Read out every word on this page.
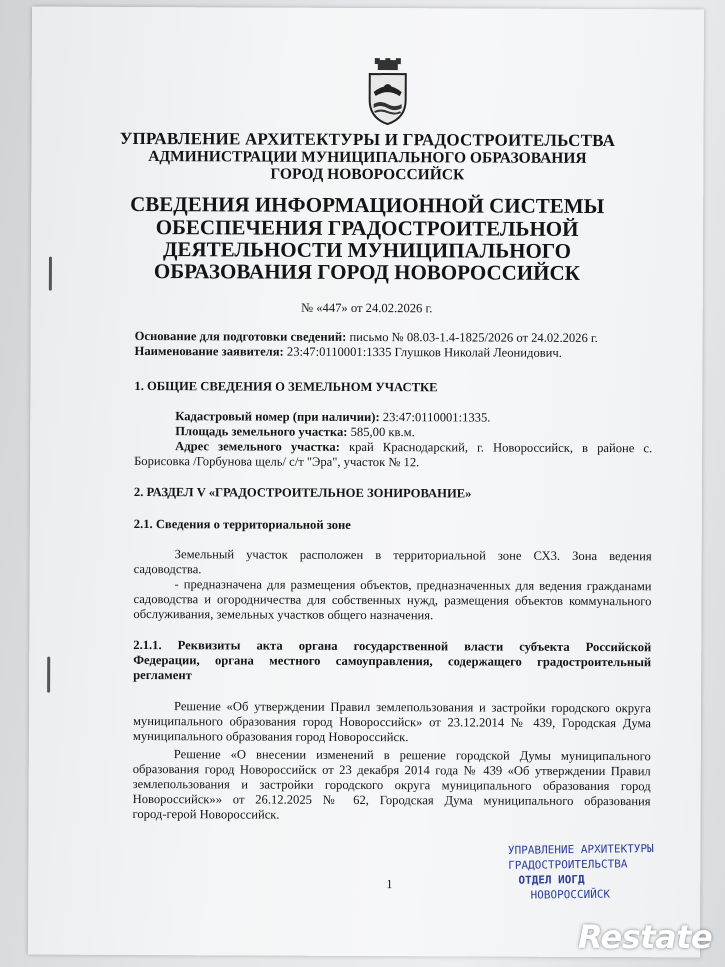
УПРАВЛЕНИЕ АРХИТЕКТУРЫ И ГРАДОСТРОИТЕЛЬСТВА
АДМИНИСТРАЦИИ МУНИЦИПАЛЬНОГО ОБРАЗОВАНИЯ
ГОРОД НОВОРОССИЙСК
СВЕДЕНИЯ ИНФОРМАЦИОННОЙ СИСТЕМЫ
ОБЕСПЕЧЕНИЯ ГРАДОСТРОИТЕЛЬНОЙ
ДЕЯТЕЛЬНОСТИ МУНИЦИПАЛЬНОГО
ОБРАЗОВАНИЯ ГОРОД НОВОРОССИЙСК
№ «447» от 24.02.2026 г.
Основание для подготовки сведений: письмо № 08.03-1.4-1825/2026 от 24.02.2026 г.
Наименование заявителя: 23:47:0110001:1335 Глушков Николай Леонидович.
1. ОБЩИЕ СВЕДЕНИЯ О ЗЕМЕЛЬНОМ УЧАСТКЕ
Кадастровый номер (при наличии): 23:47:0110001:1335.
Площадь земельного участка: 585,00 кв.м.
Адрес земельного участка: край Краснодарский, г. Новороссийск, в районе с.
Борисовка /Горбунова щель/ с/т "Эра", участок № 12.
2. РАЗДЕЛ V «ГРАДОСТРОИТЕЛЬНОЕ ЗОНИРОВАНИЕ»
2.1. Сведения о территориальной зоне
Земельный участок расположен в территориальной зоне СХ3. Зона ведения
садоводства.
- предназначена для размещения объектов, предназначенных для ведения гражданами
садоводства и огородничества для собственных нужд, размещения объектов коммунального
обслуживания, земельных участков общего назначения.
2.1.1. Реквизиты акта органа государственной власти субъекта Российской
Федерации, органа местного самоуправления, содержащего градостроительный
регламент
Решение «Об утверждении Правил землепользования и застройки городского округа
муниципального образования город Новороссийск» от 23.12.2014 № 439, Городская Дума
муниципального образования город Новороссийск.
Решение «О внесении изменений в решение городской Думы муниципального
образования город Новороссийск от 23 декабря 2014 года № 439 «Об утверждении Правил
землепользования и застройки городского округа муниципального образования город
Новороссийск»» от 26.12.2025 № 62, Городская Дума муниципального образования
город-герой Новороссийск.
1
УПРАВЛЕНИЕ АРХИТЕКТУРЫ
ГРАДОСТРОИТЕЛЬСТВА
ОТДЕЛ ИОГД
НОВОРОССИЙСК
Restate
